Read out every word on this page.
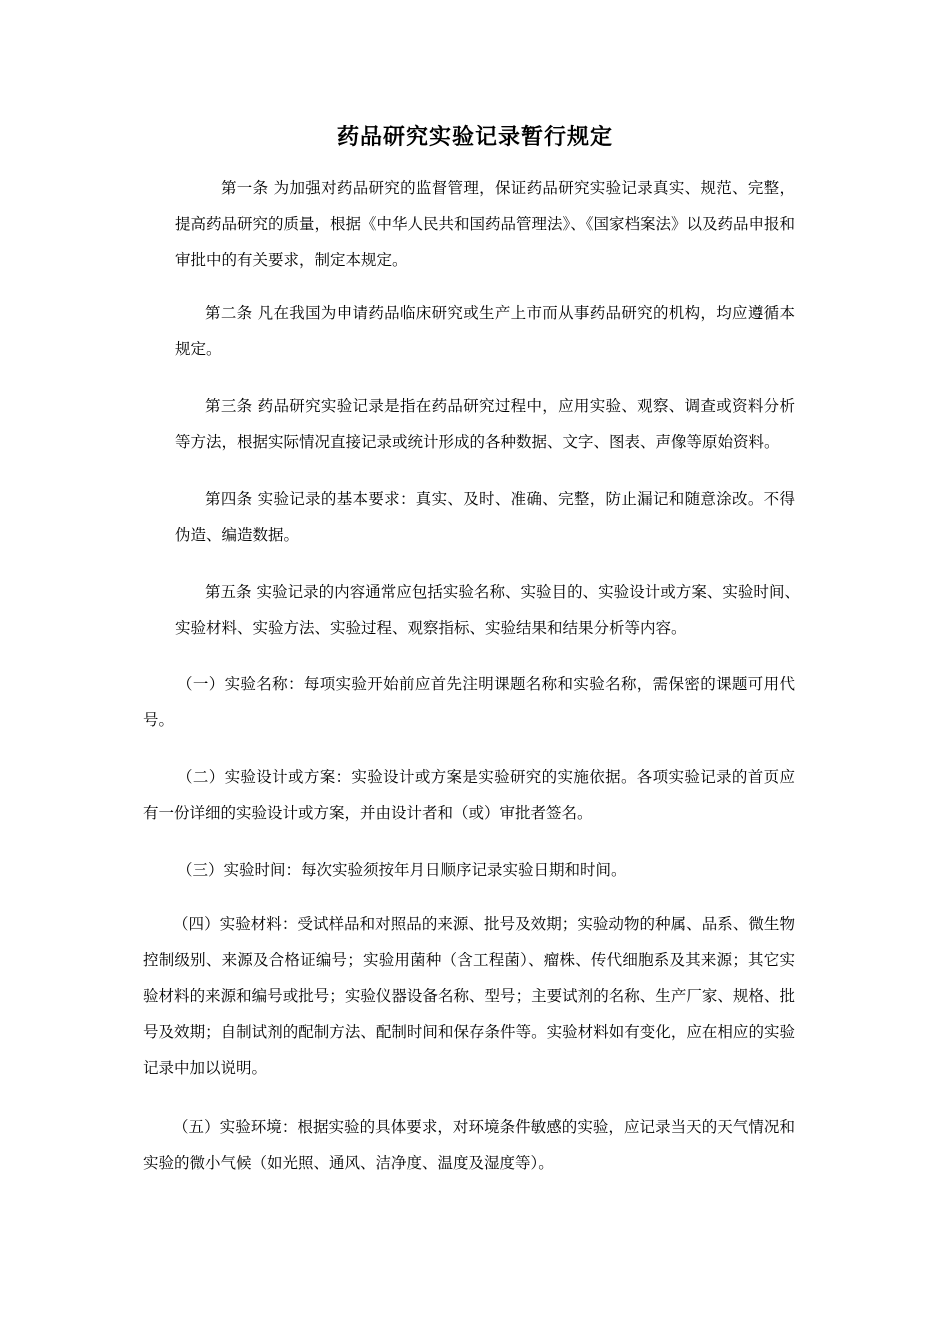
药品研究实验记录暂行规定
第一条 为加强对药品研究的监督管理，保证药品研究实验记录真实、规范、完整，提高药品研究的质量，根据《中华人民共和国药品管理法》、《国家档案法》以及药品申报和审批中的有关要求，制定本规定。
第二条 凡在我国为申请药品临床研究或生产上市而从事药品研究的机构，均应遵循本规定。
第三条 药品研究实验记录是指在药品研究过程中，应用实验、观察、调查或资料分析等方法，根据实际情况直接记录或统计形成的各种数据、文字、图表、声像等原始资料。
第四条 实验记录的基本要求：真实、及时、准确、完整，防止漏记和随意涂改。不得伪造、编造数据。
第五条 实验记录的内容通常应包括实验名称、实验目的、实验设计或方案、实验时间、实验材料、实验方法、实验过程、观察指标、实验结果和结果分析等内容。
（一）实验名称：每项实验开始前应首先注明课题名称和实验名称，需保密的课题可用代号。
（二）实验设计或方案：实验设计或方案是实验研究的实施依据。各项实验记录的首页应有一份详细的实验设计或方案，并由设计者和（或）审批者签名。
（三）实验时间：每次实验须按年月日顺序记录实验日期和时间。
（四）实验材料：受试样品和对照品的来源、批号及效期；实验动物的种属、品系、微生物控制级别、来源及合格证编号；实验用菌种（含工程菌）、瘤株、传代细胞系及其来源；其它实验材料的来源和编号或批号；实验仪器设备名称、型号；主要试剂的名称、生产厂家、规格、批号及效期；自制试剂的配制方法、配制时间和保存条件等。实验材料如有变化，应在相应的实验记录中加以说明。
（五）实验环境：根据实验的具体要求，对环境条件敏感的实验，应记录当天的天气情况和实验的微小气候（如光照、通风、洁净度、温度及湿度等）。
